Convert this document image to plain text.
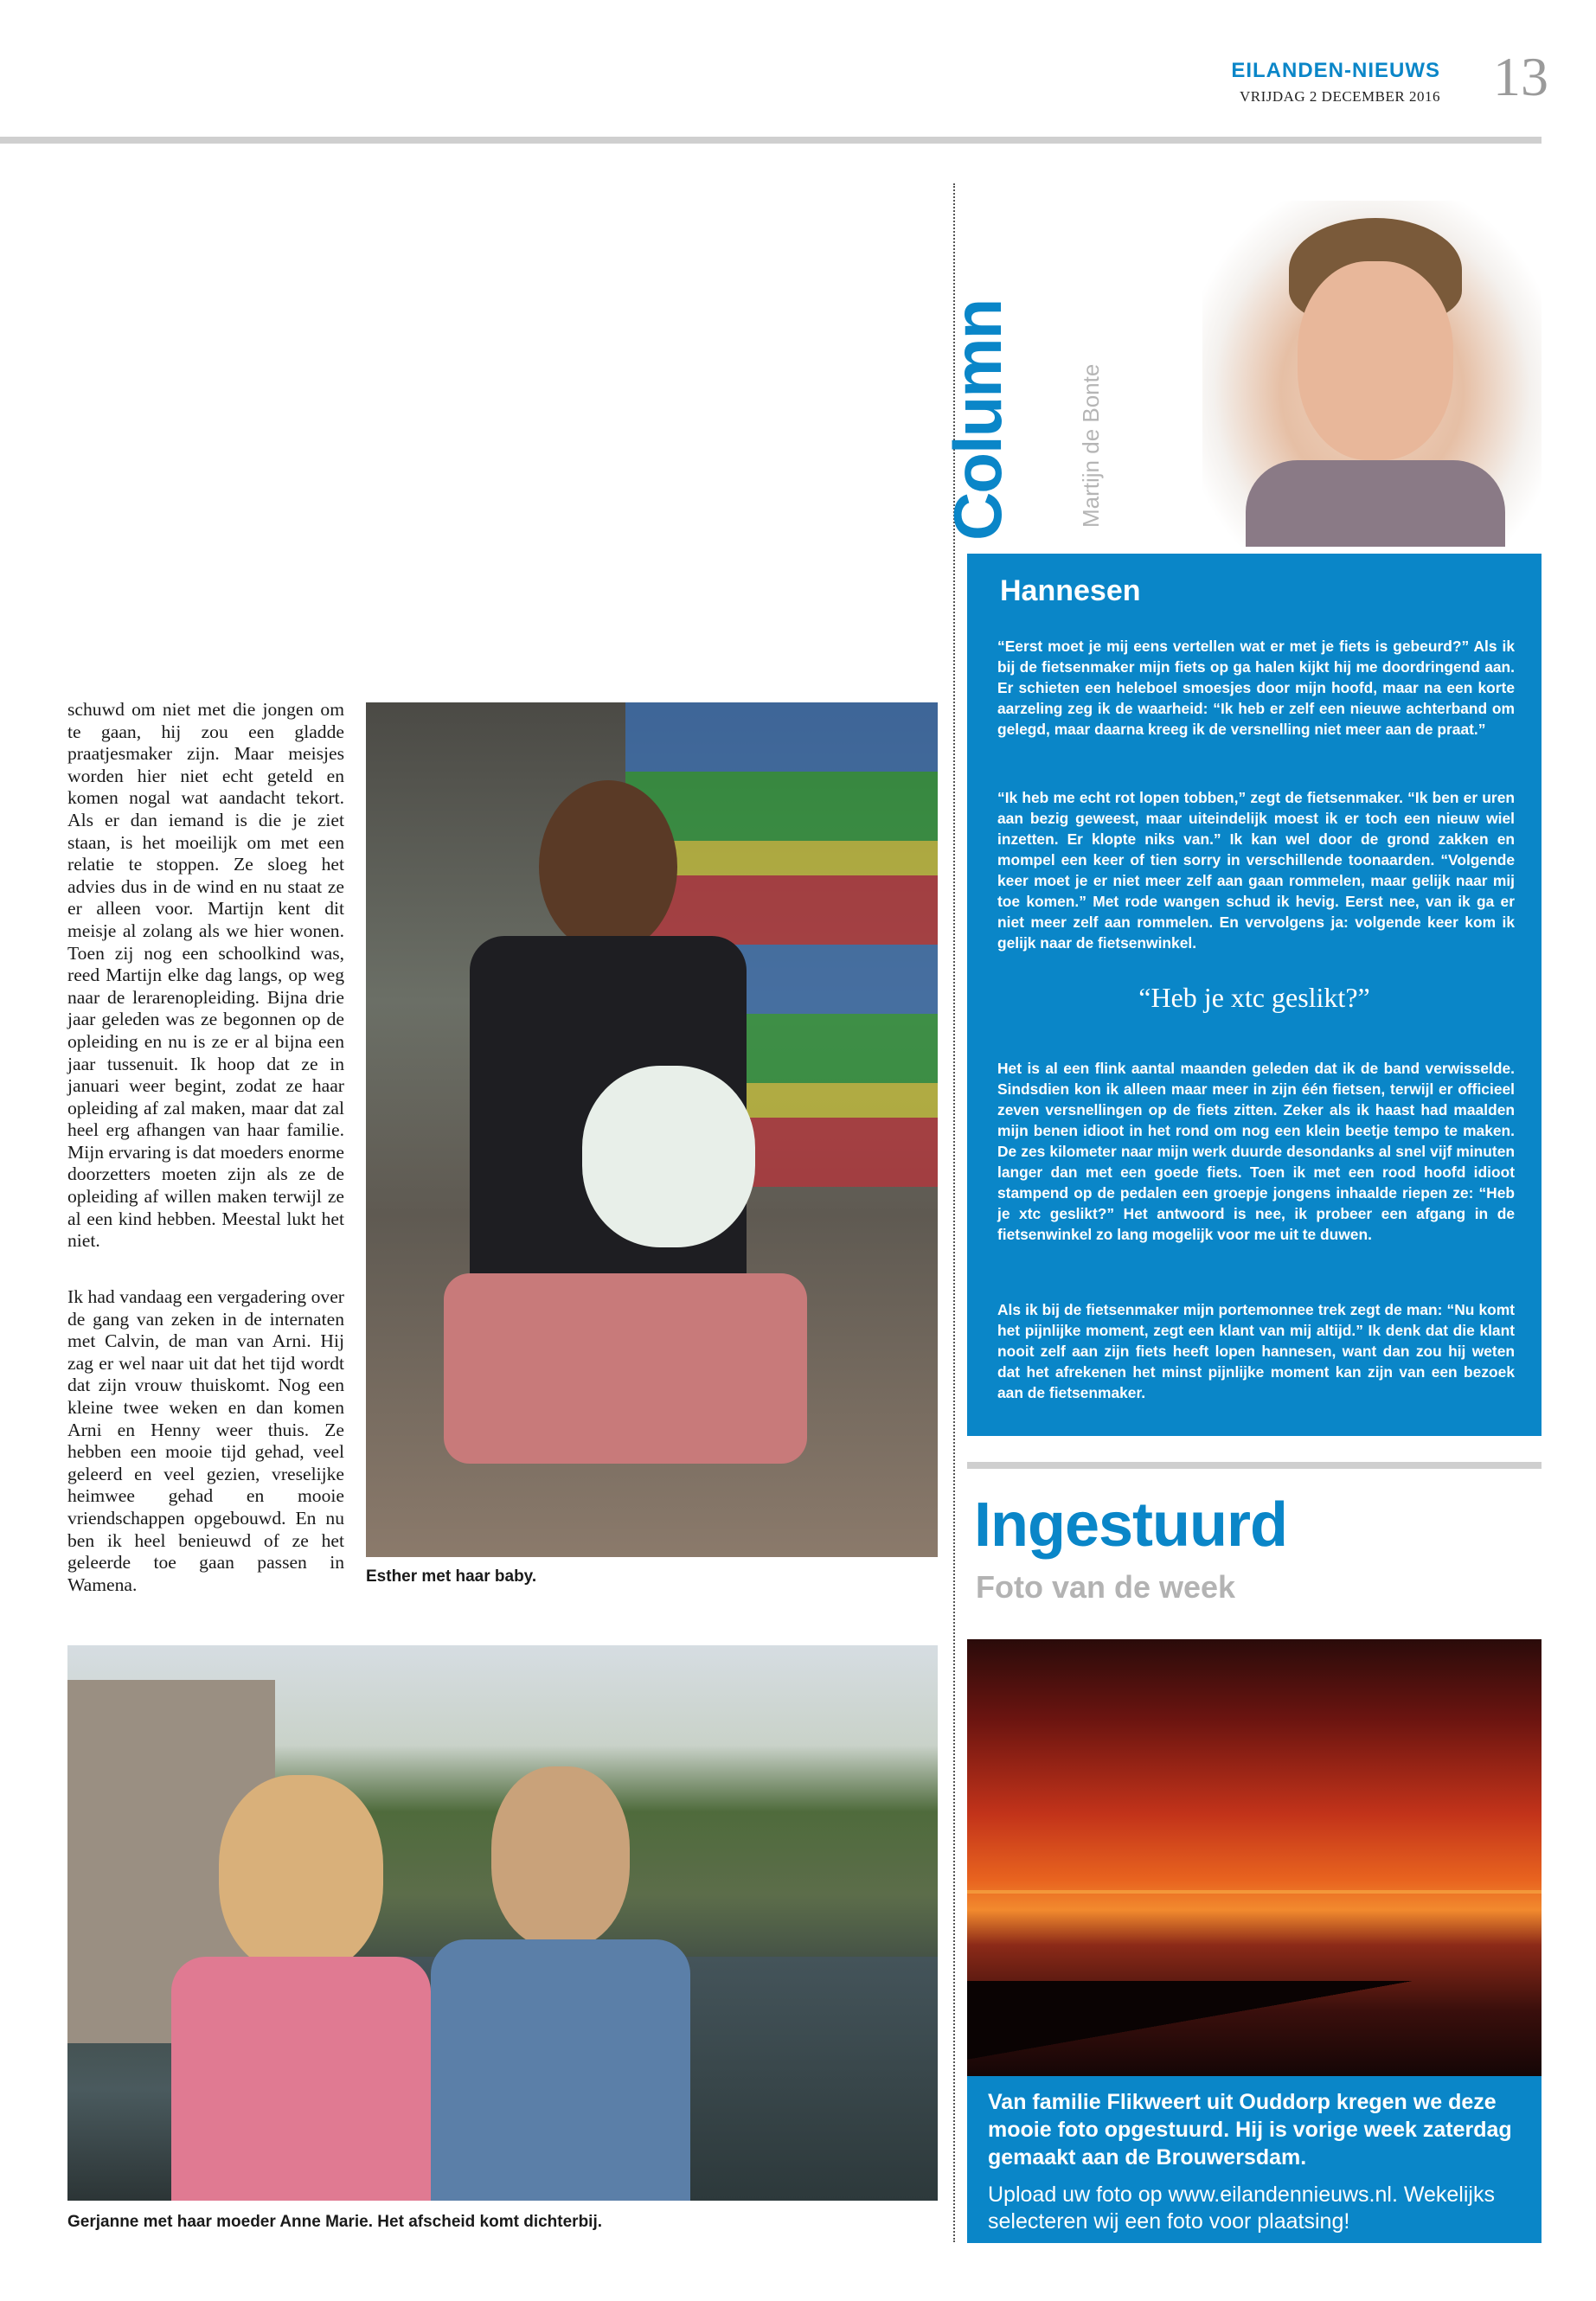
EILANDEN-NIEUWS
VRIJDAG 2 DECEMBER 2016 13

schuwd om niet met die jongen om te gaan, hij zou een gladde praatjesmaker zijn. Maar meisjes worden hier niet echt geteld en komen nogal wat aandacht tekort. Als er dan iemand is die je ziet staan, is het moeilijk om met een relatie te stoppen. Ze sloeg het advies dus in de wind en nu staat ze er alleen voor. Martijn kent dit meisje al zolang als we hier wonen. Toen zij nog een schoolkind was, reed Martijn elke dag langs, op weg naar de lerarenopleiding. Bijna drie jaar geleden was ze begonnen op de opleiding en nu is ze er al bijna een jaar tussenuit. Ik hoop dat ze in januari weer begint, zodat ze haar opleiding af zal maken, maar dat zal heel erg afhangen van haar familie. Mijn ervaring is dat moeders enorme doorzetters moeten zijn als ze de opleiding af willen maken terwijl ze al een kind hebben. Meestal lukt het niet.

Ik had vandaag een vergadering over de gang van zeken in de internaten met Calvin, de man van Arni. Hij zag er wel naar uit dat het tijd wordt dat zijn vrouw thuiskomt. Nog een kleine twee weken en dan komen Arni en Henny weer thuis. Ze hebben een mooie tijd gehad, veel geleerd en veel gezien, vreselijke heimwee gehad en mooie vriendschappen opgebouwd. En nu ben ik heel benieuwd of ze het geleerde toe gaan passen in Wamena.	Esther met haar baby.
Gerjanne met haar moeder Anne Marie. Het afscheid komt dichterbij.
Column	Martijn de Bonte
Hannesen

“Eerst moet je mij eens vertellen wat er met je fiets is gebeurd?” Als ik bij de fietsenmaker mijn fiets op ga halen kijkt hij me doordringend aan. Er schieten een heleboel smoesjes door mijn hoofd, maar na een korte aarzeling zeg ik de waarheid: “Ik heb er zelf een nieuwe achterband om gelegd, maar daarna kreeg ik de versnelling niet meer aan de praat.”

“Ik heb me echt rot lopen tobben,” zegt de fietsenmaker. “Ik ben er uren aan bezig geweest, maar uiteindelijk moest ik er toch een nieuw wiel inzetten. Er klopte niks van.” Ik kan wel door de grond zakken en mompel een keer of tien sorry in verschillende toonaarden. “Volgende keer moet je er niet meer zelf aan gaan rommelen, maar gelijk naar mij toe komen.” Met rode wangen schud ik hevig. Eerst nee, van ik ga er niet meer zelf aan rommelen. En vervolgens ja: volgende keer kom ik gelijk naar de fietsenwinkel.

“Heb je xtc geslikt?”

Het is al een flink aantal maanden geleden dat ik de band verwisselde. Sindsdien kon ik alleen maar meer in zijn één fietsen, terwijl er officieel zeven versnellingen op de fiets zitten. Zeker als ik haast had maalden mijn benen idioot in het rond om nog een klein beetje tempo te maken. De zes kilometer naar mijn werk duurde desondanks al snel vijf minuten langer dan met een goede fiets. Toen ik met een rood hoofd idioot stampend op de pedalen een groepje jongens inhaalde riepen ze: “Heb je xtc geslikt?” Het antwoord is nee, ik probeer een afgang in de fietsenwinkel zo lang mogelijk voor me uit te duwen.

Als ik bij de fietsenmaker mijn portemonnee trek zegt de man: “Nu komt het pijnlijke moment, zegt een klant van mij altijd.” Ik denk dat die klant nooit zelf aan zijn fiets heeft lopen hannesen, want dan zou hij weten dat het afrekenen het minst pijnlijke moment kan zijn van een bezoek aan de fietsenmaker.

Ingestuurd
Foto van de week
Van familie Flikweert uit Ouddorp kregen we deze mooie foto opgestuurd. Hij is vorige week zaterdag gemaakt aan de Brouwersdam.
Upload uw foto op www.eilandennieuws.nl. Wekelijks selecteren wij een foto voor plaatsing!
